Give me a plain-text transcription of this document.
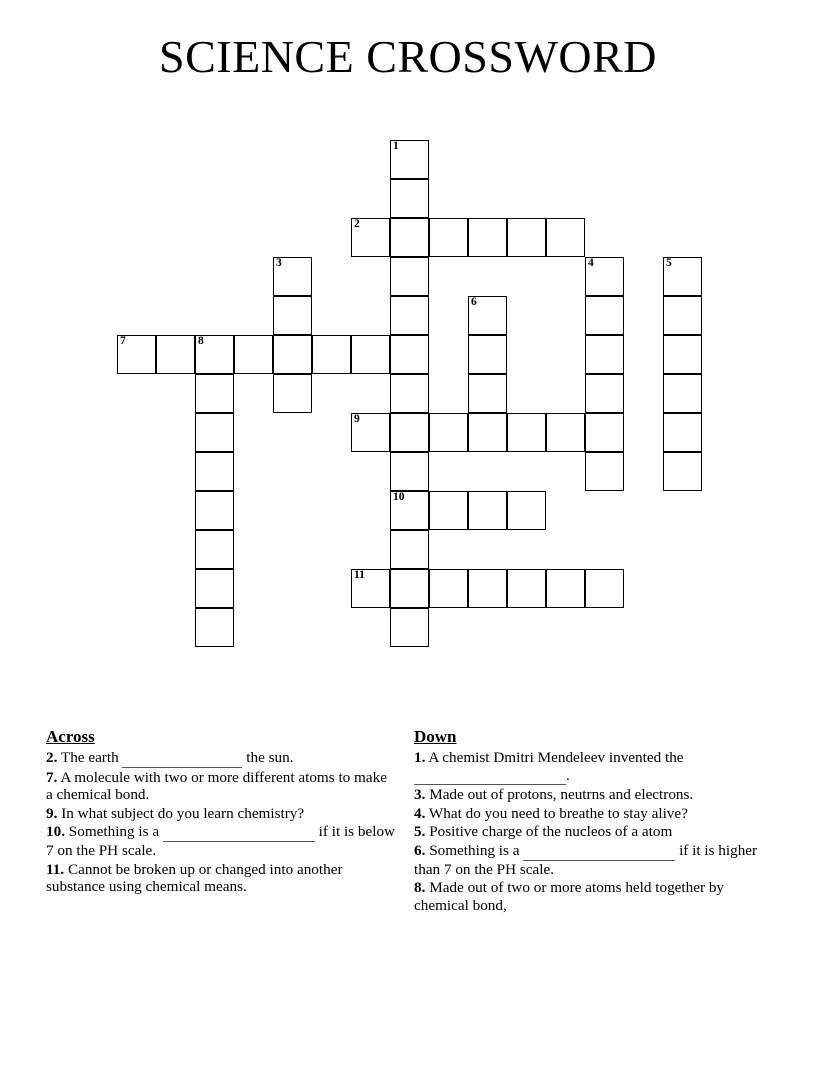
SCIENCE CROSSWORD
1
10
2
3	4	5
6
7	8
9
11
Across

2. The earth	the sun.

7. A molecule with two or more different atoms to make a chemical bond.

9. In what subject do you learn chemistry?

10. Something is a	if it is below 7 on the PH scale.

11. Cannot be broken up or changed into another substance using chemical means.

Down

1. A chemist Dmitri Mendeleev invented the .

3. Made out of protons, neutrns and electrons.

4. What do you need to breathe to stay alive?

5. Positive charge of the nucleos of a atom

6. Something is a	if it is higher than 7 on the PH scale.

8. Made out of two or more atoms held together by chemical bond,
